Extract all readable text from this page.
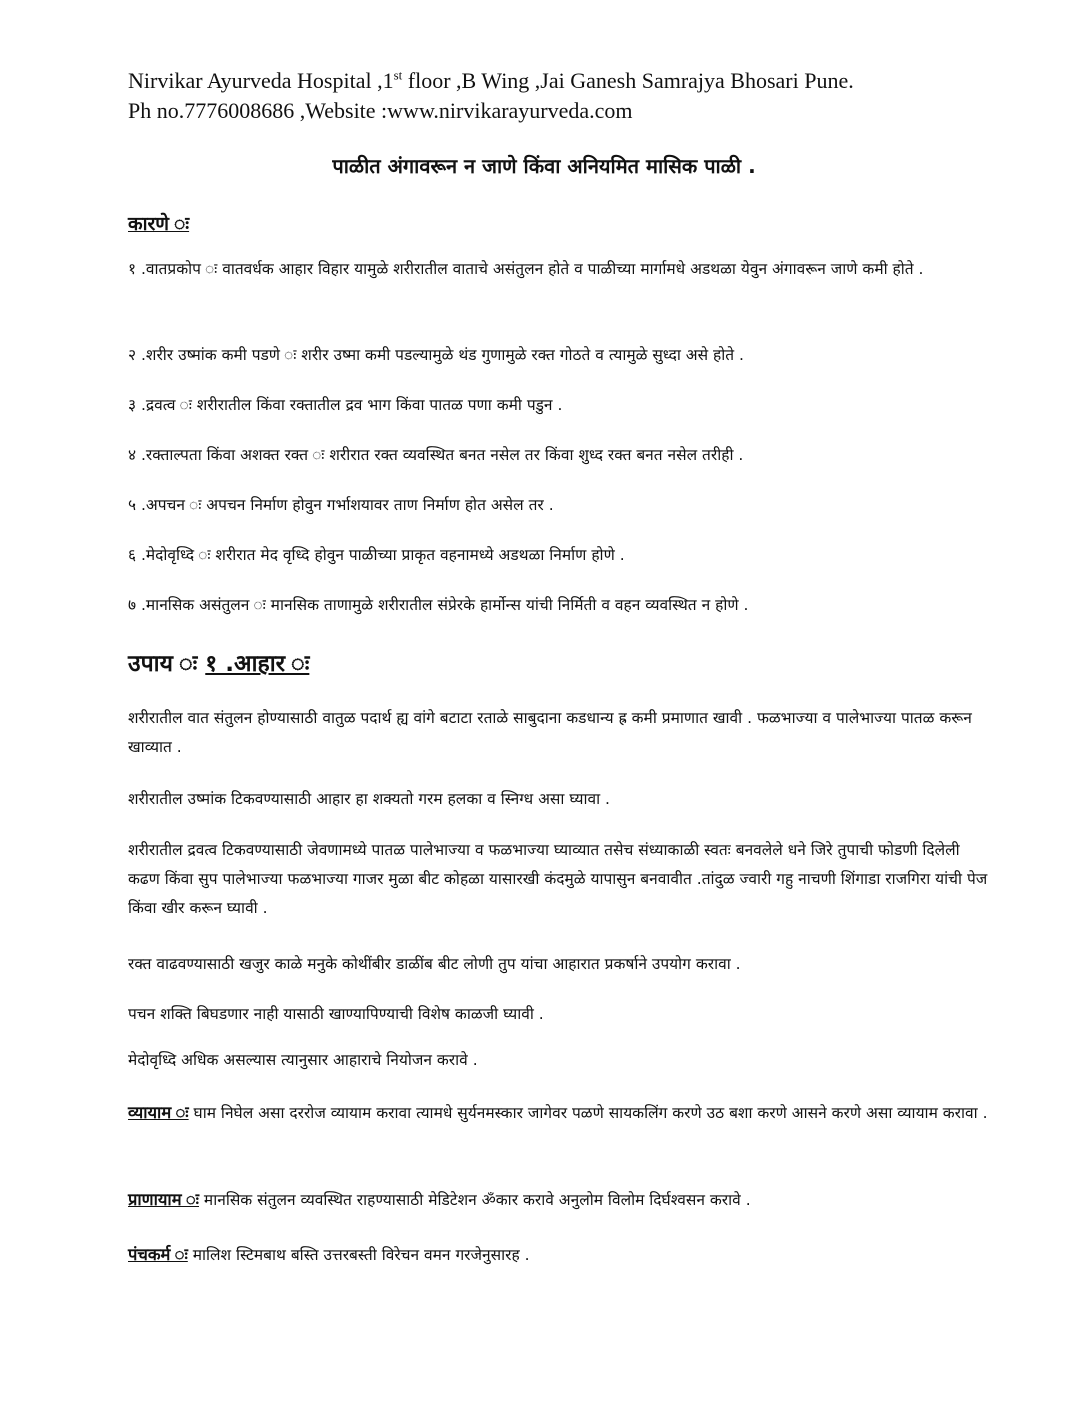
Nirvikar Ayurveda Hospital ,1st floor ,B Wing ,Jai Ganesh Samrajya Bhosari Pune.
Ph no.7776008686 ,Website :www.nirvikarayurveda.com
पाळीत अंगावरून न जाणे किंवा अनियमित मासिक पाळी .
कारणे ः
१ .वातप्रकोप ः वातवर्धक आहार विहार यामुळे शरीरातील वाताचे असंतुलन होते व पाळीच्या मार्गामधे अडथळा येवुन अंगावरून जाणे कमी होते .
२ .शरीर उष्मांक कमी पडणे ः शरीर उष्मा कमी पडल्यामुळे थंड गुणामुळे रक्त गोठते व त्यामुळे सुध्दा असे होते .
३ .द्रवत्व ः शरीरातील किंवा रक्तातील द्रव भाग किंवा पातळ पणा कमी पडुन .
४ .रक्ताल्पता किंवा अशक्त रक्त ः शरीरात रक्त व्यवस्थित बनत नसेल तर किंवा शुध्द रक्त बनत नसेल तरीही .
५ .अपचन ः अपचन निर्माण होवुन गर्भाशयावर ताण निर्माण होत असेल तर .
६ .मेदोवृध्दि ः शरीरात मेद वृध्दि होवुन पाळीच्या प्राकृत वहनामध्ये अडथळा निर्माण होणे .
७ .मानसिक असंतुलन ः मानसिक ताणामुळे शरीरातील संप्रेरके हार्मोन्स यांची निर्मिती व वहन व्यवस्थित न होणे .
उपाय ः १ .आहार ः
शरीरातील वात संतुलन होण्यासाठी वातुळ पदार्थ ह्य वांगे बटाटा रताळे साबुदाना कडधान्य ह्र कमी प्रमाणात खावी . फळभाज्या व पालेभाज्या पातळ करून खाव्यात .
शरीरातील उष्मांक टिकवण्यासाठी आहार हा शक्यतो गरम हलका व स्निग्ध असा घ्यावा .
शरीरातील द्रवत्व टिकवण्यासाठी जेवणामध्ये पातळ पालेभाज्या व फळभाज्या घ्याव्यात तसेच संध्याकाळी स्वतः बनवलेले धने जिरे तुपाची फोडणी दिलेली कढण किंवा सुप पालेभाज्या फळभाज्या गाजर मुळा बीट कोहळा यासारखी कंदमुळे यापासुन बनवावीत .तांदुळ ज्वारी गहु नाचणी शिंगाडा राजगिरा यांची पेज किंवा खीर करून घ्यावी .
रक्त वाढवण्यासाठी खजुर काळे मनुके कोथींबीर डाळींब बीट लोणी तुप यांचा आहारात प्रकर्षाने उपयोग करावा .
पचन शक्ति बिघडणार नाही यासाठी खाण्यापिण्याची विशेष काळजी घ्यावी .
मेदोवृध्दि अधिक असल्यास त्यानुसार आहाराचे नियोजन करावे .
व्यायाम ः घाम निघेल असा दररोज व्यायाम करावा त्यामधे सुर्यनमस्कार जागेवर पळणे सायकलिंग करणे उठ बशा करणे आसने करणे असा व्यायाम करावा .
प्राणायाम ः मानसिक संतुलन व्यवस्थित राहण्यासाठी मेडिटेशन ॐकार करावे अनुलोम विलोम दिर्घश्वसन करावे .
पंचकर्म ः मालिश स्टिमबाथ बस्ति उत्तरबस्ती विरेचन वमन गरजेनुसारह .
